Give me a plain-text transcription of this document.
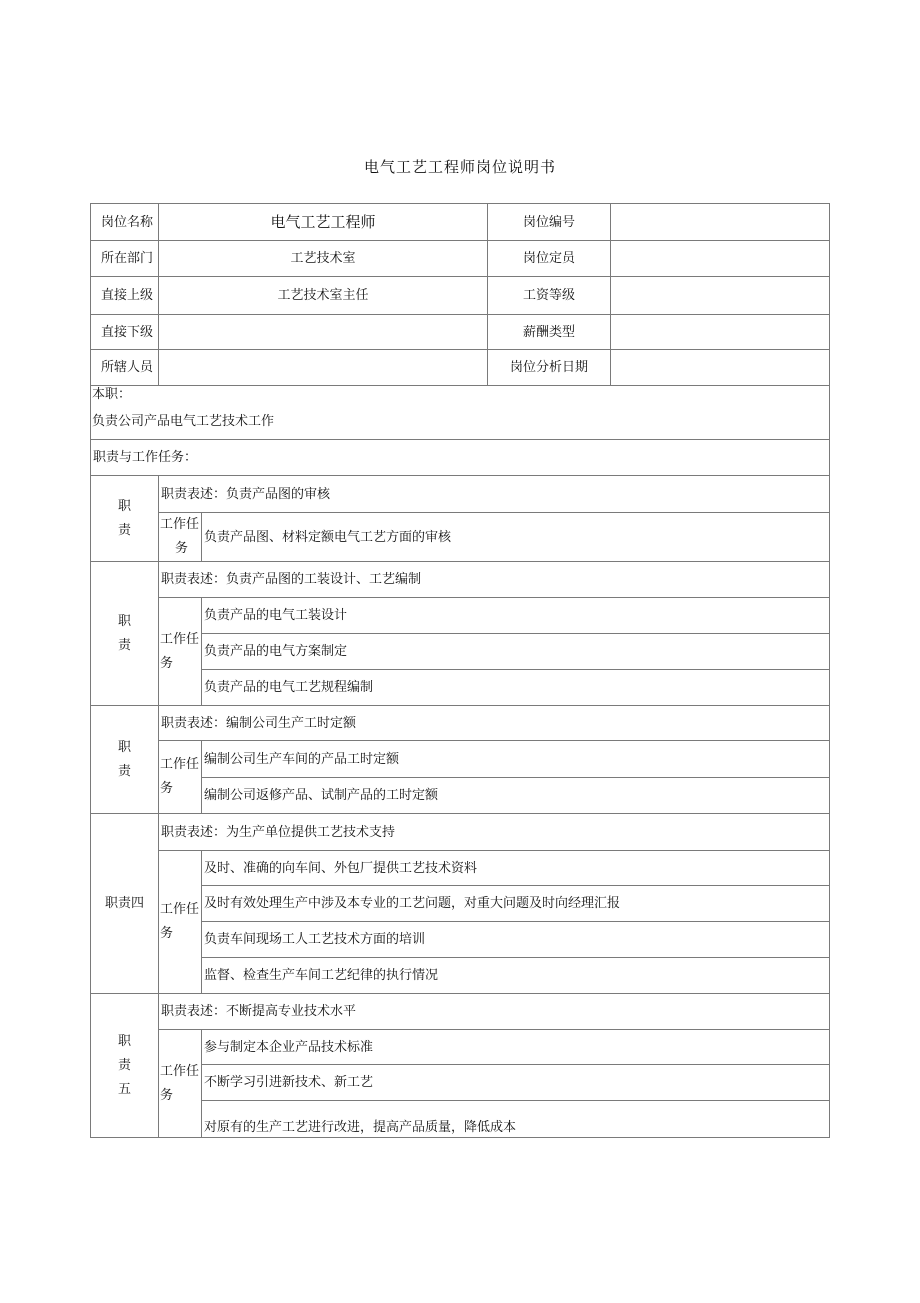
电气工艺工程师岗位说明书
岗位名称	电气工艺工程师		岗位编号	
所在部门	工艺技术室		岗位定员	
直接上级	工艺技术室主任		工资等级	
直接下级			薪酬类型	
所辖人员			岗位分析日期	

本职：
负责公司产品电气工艺技术工作				

职责与工作任务：				

职
责	职责表述：负责产品图的审核			

	工作任
务	负责产品图、材料定额电气工艺方面的审核		

职
责	职责表述：负责产品图的工装设计、工艺编制			

	工作任
务	负责产品的电气工装设计		
		负责产品的电气方案制定		
		负责产品的电气工艺规程编制		

职
责	职责表述：编制公司生产工时定额			

	工作任
务	编制公司生产车间的产品工时定额		
		编制公司返修产品、试制产品的工时定额		

职责四	职责表述：为生产单位提供工艺技术支持			

	工作任
务	及时、准确的向车间、外包厂提供工艺技术资料		
		及时有效处理生产中涉及本专业的工艺问题，对重大问题及时向经理汇报		
		负责车间现场工人工艺技术方面的培训		
		监督、检查生产车间工艺纪律的执行情况		

职
责
五	职责表述：不断提高专业技术水平			

	工作任
务	参与制定本企业产品技术标准		
		不断学习引进新技术、新工艺		
		对原有的生产工艺进行改进，提高产品质量，降低成本		
